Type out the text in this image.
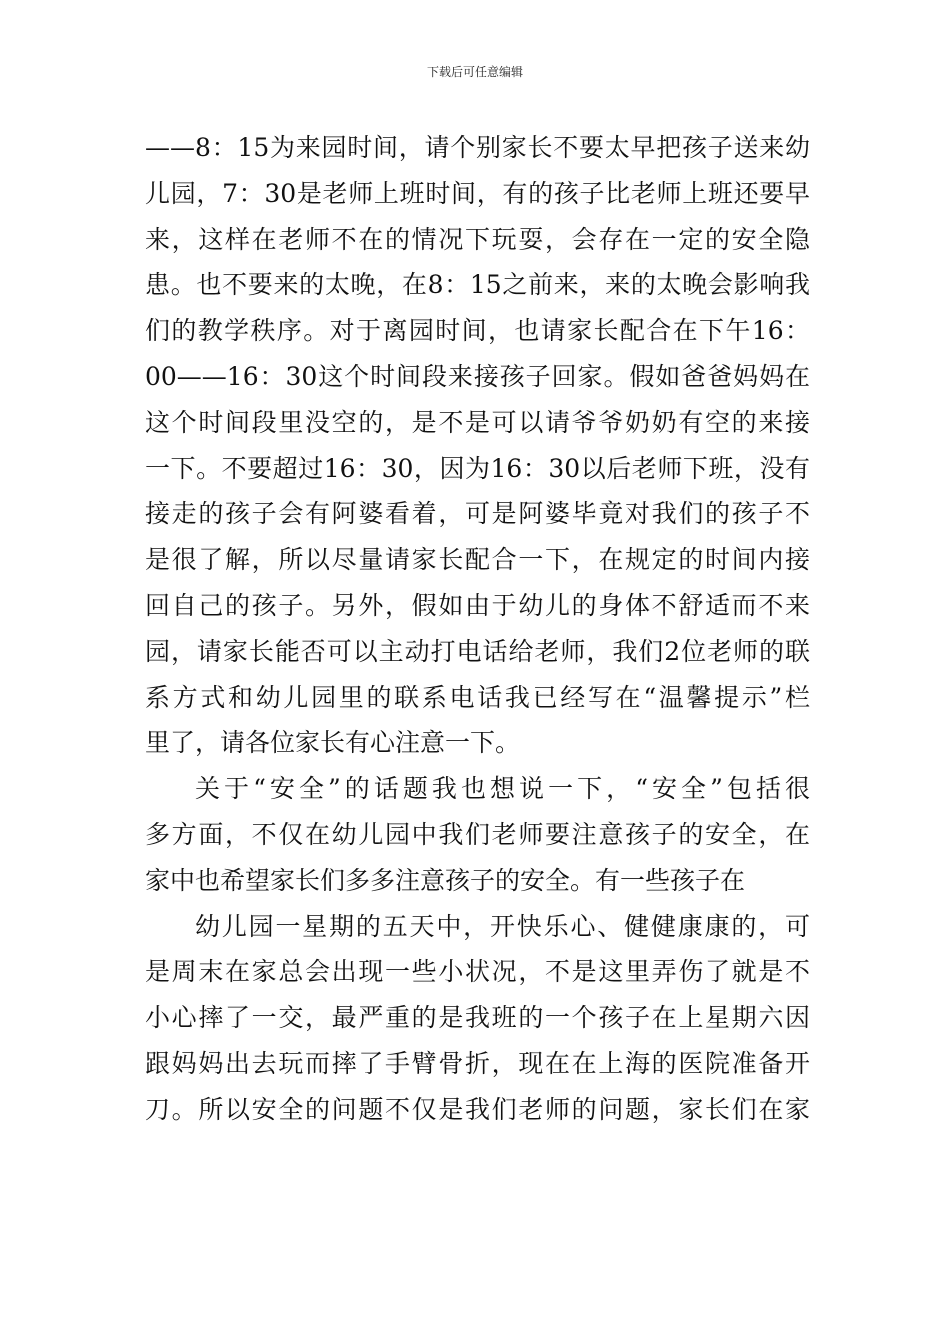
下载后可任意编辑
——8：15为来园时间，请个别家长不要太早把孩子送来幼
儿园，7：30是老师上班时间，有的孩子比老师上班还要早
来，这样在老师不在的情况下玩耍，会存在一定的安全隐
患。也不要来的太晚，在8：15之前来，来的太晚会影响我
们的教学秩序。对于离园时间，也请家长配合在下午16：
00——16：30这个时间段来接孩子回家。假如爸爸妈妈在
这个时间段里没空的，是不是可以请爷爷奶奶有空的来接
一下。不要超过16：30，因为16：30以后老师下班，没有
接走的孩子会有阿婆看着，可是阿婆毕竟对我们的孩子不
是很了解，所以尽量请家长配合一下，在规定的时间内接
回自己的孩子。另外，假如由于幼儿的身体不舒适而不来
园，请家长能否可以主动打电话给老师，我们2位老师的联
系方式和幼儿园里的联系电话我已经写在“温馨提示”栏
里了，请各位家长有心注意一下。
关于“安全”的话题我也想说一下，“安全”包括很
多方面，不仅在幼儿园中我们老师要注意孩子的安全，在
家中也希望家长们多多注意孩子的安全。有一些孩子在
幼儿园一星期的五天中，开快乐心、健健康康的，可
是周末在家总会出现一些小状况，不是这里弄伤了就是不
小心摔了一交，最严重的是我班的一个孩子在上星期六因
跟妈妈出去玩而摔了手臂骨折，现在在上海的医院准备开
刀。所以安全的问题不仅是我们老师的问题，家长们在家
